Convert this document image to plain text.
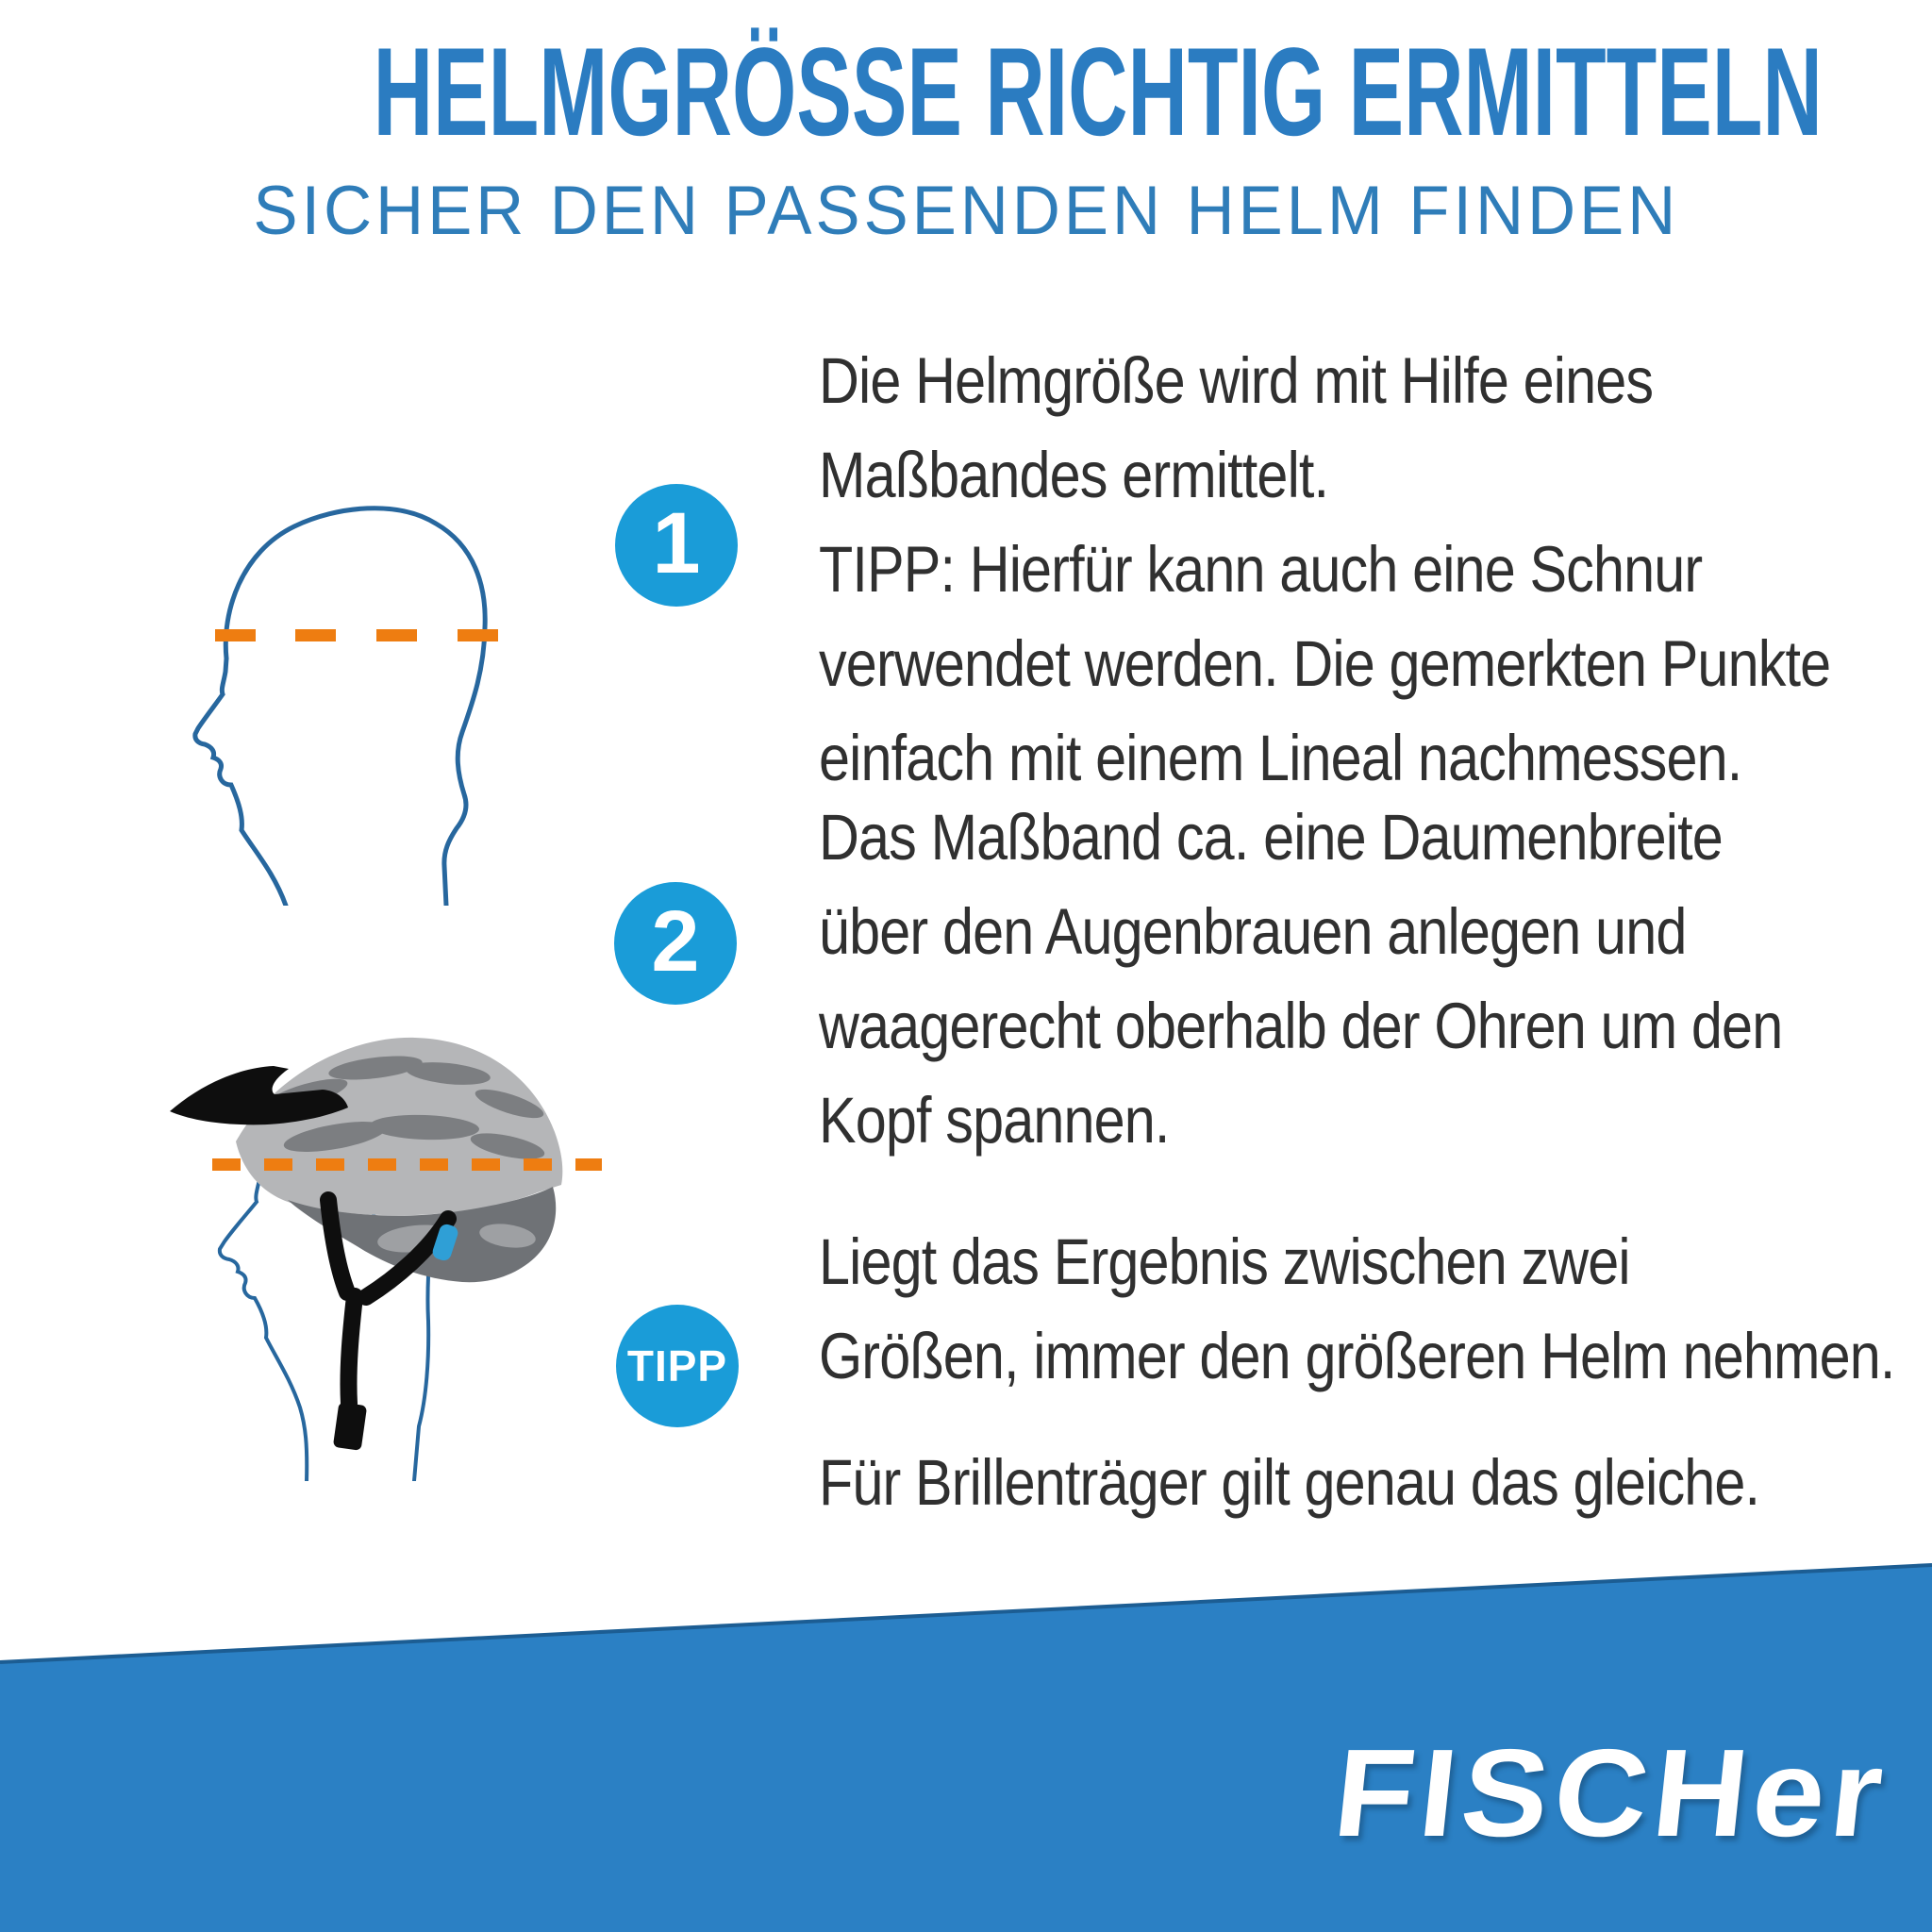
HELMGRÖSSE RICHTIG ERMITTELN
SICHER DEN PASSENDEN HELM FINDEN
1
2
TIPP
Die Helmgröße wird mit Hilfe eines
Maßbandes ermittelt.
TIPP: Hierfür kann auch eine Schnur
verwendet werden. Die gemerkten Punkte
einfach mit einem Lineal nachmessen.
Das Maßband ca. eine Daumenbreite
über den Augenbrauen anlegen und
waagerecht oberhalb der Ohren um den
Kopf spannen.
Liegt das Ergebnis zwischen zwei
Größen, immer den größeren Helm nehmen.
Für Brillenträger gilt genau das gleiche.
FISCHer
